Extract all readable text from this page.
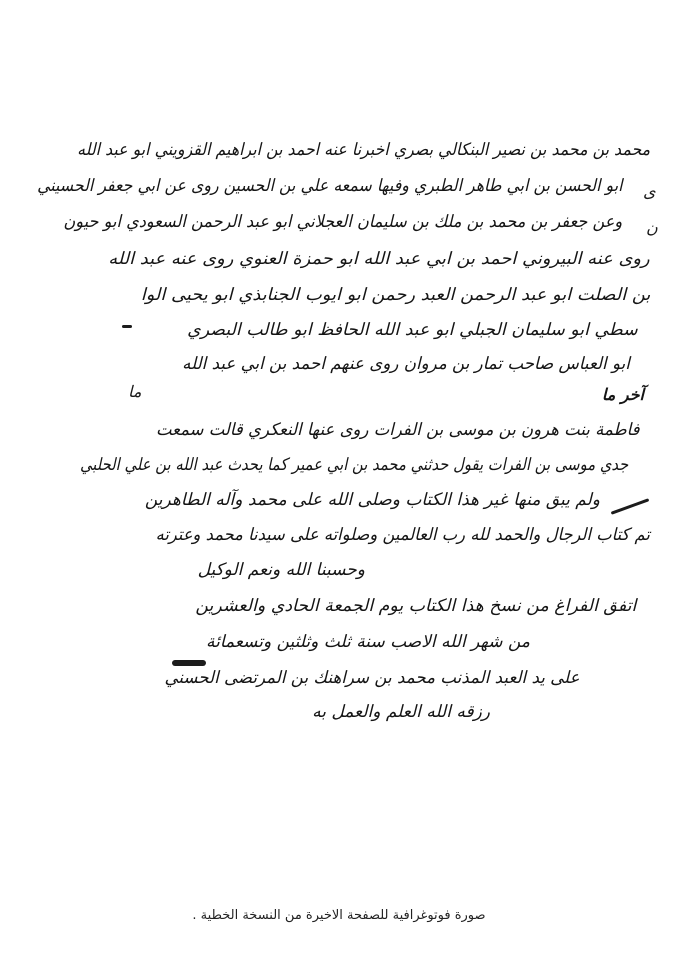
محمد بن محمد بن نصير البنكالي بصري اخبرنا عنه احمد بن ابراهيم القزويني ابو عبد الله
ابو الحسن بن ابي طاهر الطبري وفيها سمعه علي بن الحسين روى عن ابي جعفر الحسيني
وعن جعفر بن محمد بن ملك بن سليمان العجلاني ابو عبد الرحمن السعودي ابو حيون
روى عنه البيروني احمد بن ابي عبد الله ابو حمزة العنوي روى عنه عبد الله
بن الصلت ابو عبد الرحمن العبد رحمن ابو ايوب الجنابذي ابو يحيى الوا
سطي ابو سليمان الجبلي ابو عبد الله الحافظ ابو طالب البصري
ابو العباس صاحب تمار بن مروان روى عنهم احمد بن ابي عبد الله
آخر ما
فاطمة بنت هرون بن موسى بن الفرات روى عنها النعكري قالت سمعت
جدي موسى بن الفرات يقول حدثني محمد بن ابي عمير كما يحدث عبد الله بن علي الحلبي
ولم يبق منها غير هذا الكتاب وصلى الله على محمد وآله الطاهرين
تم كتاب الرجال والحمد لله رب العالمين وصلواته على سيدنا محمد وعترته
وحسبنا الله ونعم الوكيل
اتفق الفراغ من نسخ هذا الكتاب يوم الجمعة الحادي والعشرين
من شهر الله الاصب سنة ثلث وثلثين وتسعمائة
على يد العبد المذنب محمد بن سراهنك بن المرتضى الحسني
رزقه الله العلم والعمل به
ى
ن
ما
صورة فوتوغرافية للصفحة الاخيرة من النسخة الخطية .
